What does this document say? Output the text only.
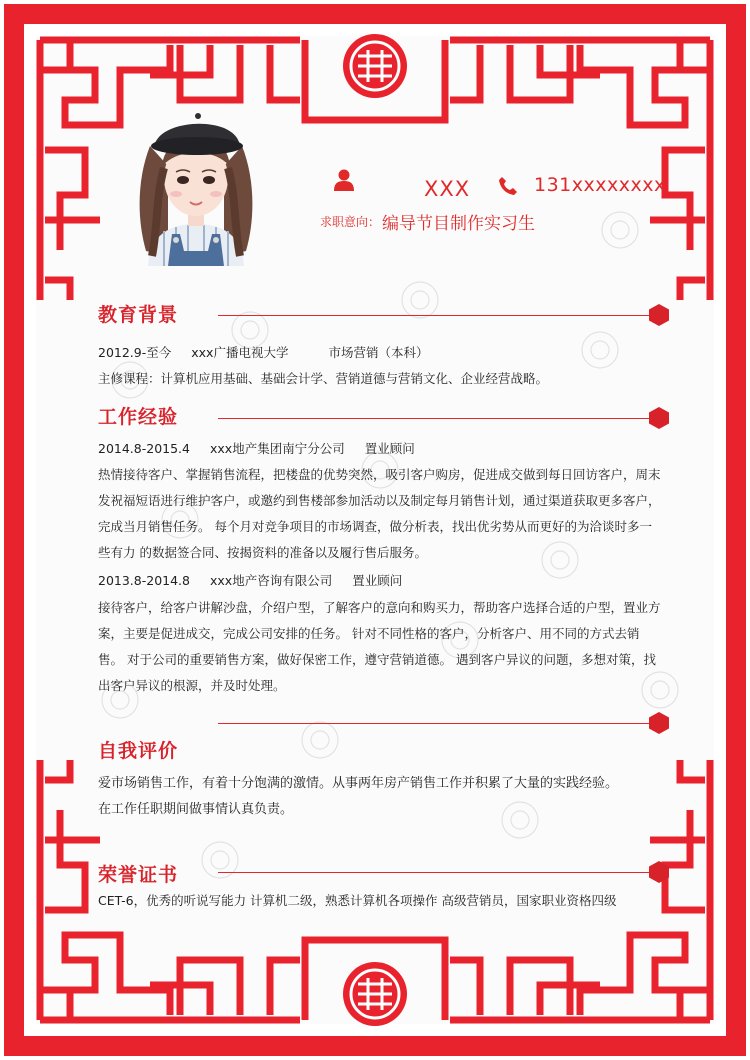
XXX	131xxxxxxxx
求职意向： 编导节目制作实习生
教育背景
2012.9-至今 xxx广播电视大学	市场营销（本科）
主修课程：计算机应用基础、基础会计学、营销道德与营销文化、企业经营战略。
工作经验
2014.8-2015.4 xxx地产集团南宁分公司 置业顾问
热情接待客户、掌握销售流程，把楼盘的优势突然，吸引客户购房，促进成交做到每日回访客户，周末
发祝福短语进行维护客户，或邀约到售楼部参加活动以及制定每月销售计划，通过渠道获取更多客户，
完成当月销售任务。 每个月对竞争项目的市场调查，做分析表，找出优劣势从而更好的为洽谈时多一
些有力 的数据签合同、按揭资料的准备以及履行售后服务。
2013.8-2014.8 xxx地产咨询有限公司 置业顾问
接待客户，给客户讲解沙盘，介绍户型，了解客户的意向和购买力，帮助客户选择合适的户型，置业方
案，主要是促进成交，完成公司安排的任务。 针对不同性格的客户，分析客户、用不同的方式去销
售。 对于公司的重要销售方案，做好保密工作，遵守营销道德。 遇到客户异议的问题，多想对策，找
出客户异议的根源，并及时处理。
自我评价
爱市场销售工作，有着十分饱满的激情。从事两年房产销售工作并积累了大量的实践经验。
在工作任职期间做事情认真负责。
荣誉证书
CET-6，优秀的听说写能力 计算机二级，熟悉计算机各项操作 高级营销员，国家职业资格四级
